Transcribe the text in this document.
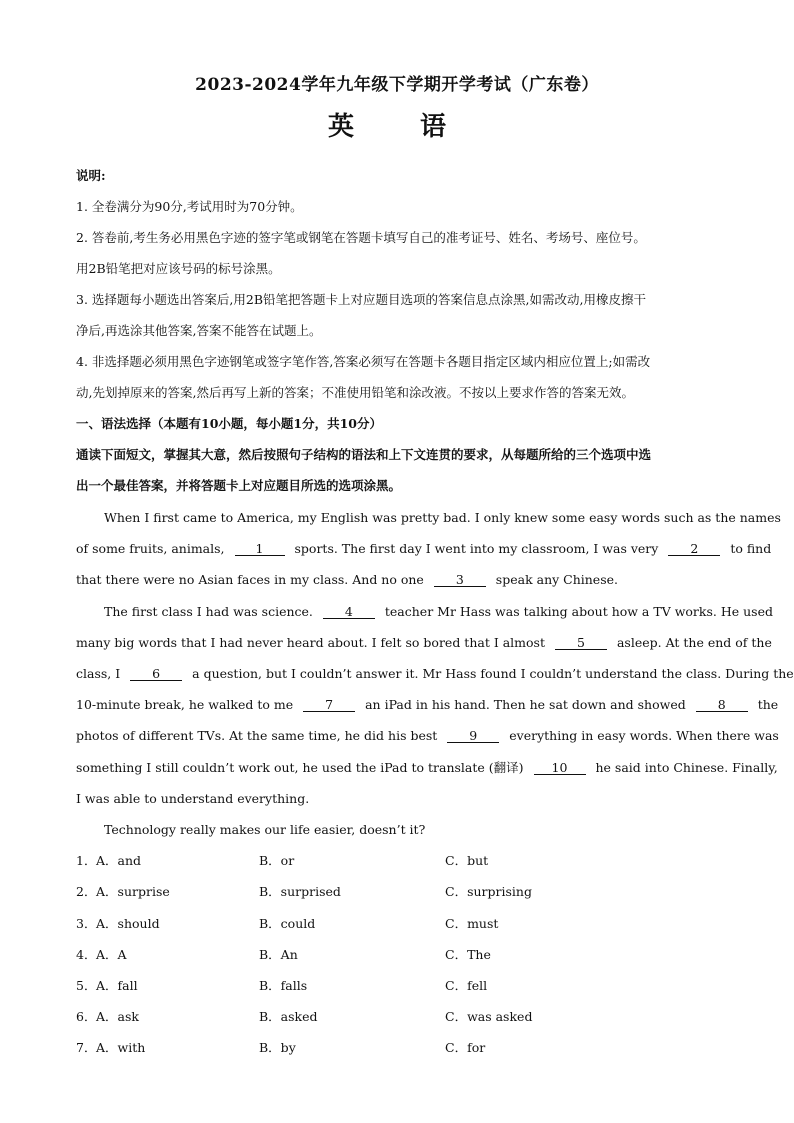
2023-2024学年九年级下学期开学考试（广东卷）
英　语
说明:
1. 全卷满分为90分,考试用时为70分钟。
2. 答卷前,考生务必用黑色字迹的签字笔或钢笔在答题卡填写自己的准考证号、姓名、考场号、座位号。
用2B铅笔把对应该号码的标号涂黑。
3. 选择题每小题选出答案后,用2B铅笔把答题卡上对应题目选项的答案信息点涂黑,如需改动,用橡皮擦干
净后,再选涂其他答案,答案不能答在试题上。
4. 非选择题必须用黑色字迹钢笔或签字笔作答,答案必须写在答题卡各题目指定区域内相应位置上;如需改
动,先划掉原来的答案,然后再写上新的答案；不准使用铅笔和涂改液。不按以上要求作答的答案无效。
一、语法选择（本题有10小题，每小题1分，共10分）
通读下面短文，掌握其大意，然后按照句子结构的语法和上下文连贯的要求，从每题所给的三个选项中选
出一个最佳答案，并将答题卡上对应题目所选的选项涂黑。
When I first came to America, my English was pretty bad. I only knew some easy words such as the names
of some fruits, animals, 1 sports. The first day I went into my classroom, I was very	2	to find
that there were no Asian faces in my class. And no one	3	speak any Chinese.
The first class I had was science.	4	teacher Mr Hass was talking about how a TV works. He used
many big words that I had never heard about. I felt so bored that I almost	5	asleep. At the end of the
class, I	6	a question, but I couldn’t answer it. Mr Hass found I couldn’t understand the class. During the
10-minute break, he walked to me	7	an iPad in his hand. Then he sat down and showed	8	the
photos of different TVs. At the same time, he did his best	9	everything in easy words. When there was
something I still couldn’t work out, he used the iPad to translate (翻译) 10 he said into Chinese. Finally,
I was able to understand everything.
Technology really makes our life easier, doesn’t it?
1． A．and	B．or	C．but
2． A．surprise	B．surprised	C．surprising
3． A．should	B．could	C．must
4． A．A	B．An	C．The
5． A．fall	B．falls	C．fell
6． A．ask	B．asked	C．was asked
7． A．with	B．by	C．for
